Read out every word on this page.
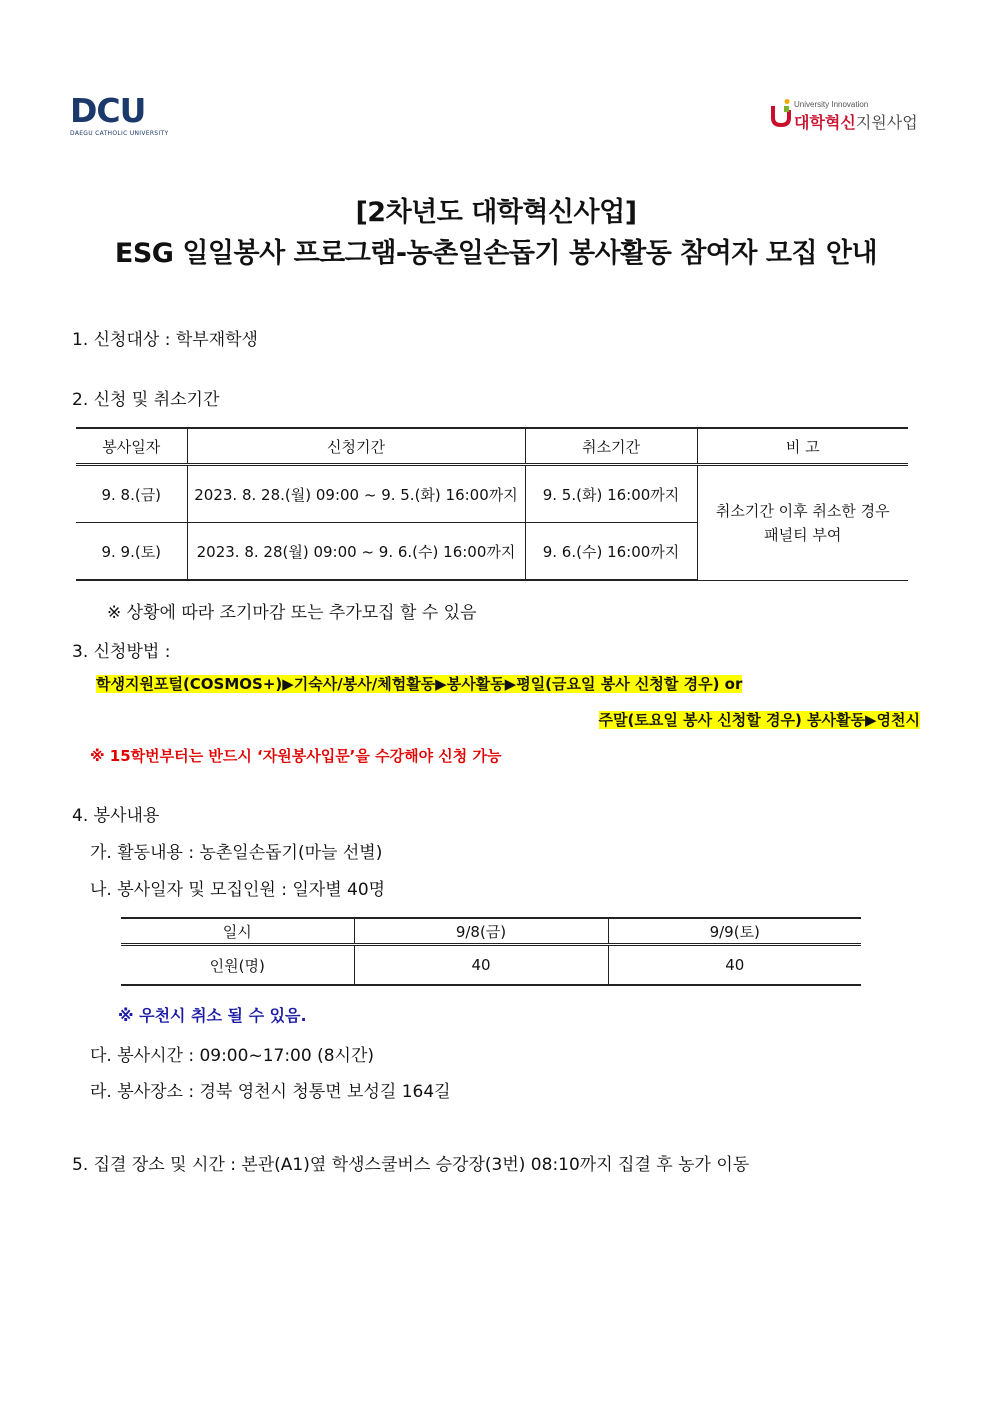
DCU
DAEGU CATHOLIC UNIVERSITY
University Innovation
대학혁신지원사업
[2차년도 대학혁신사업]
ESG 일일봉사 프로그램-농촌일손돕기 봉사활동 참여자 모집 안내
1. 신청대상 : 학부재학생
2. 신청 및 취소기간
봉사일자	신청기간	취소기간	비 고
9. 8.(금)	2023. 8. 28.(월) 09:00 ~ 9. 5.(화) 16:00까지	9. 5.(화) 16:00까지	취소기간 이후 취소한 경우
패널티 부여

9. 9.(토)	2023. 8. 28(월) 09:00 ~ 9. 6.(수) 16:00까지	9. 6.(수) 16:00까지	
※ 상황에 따라 조기마감 또는 추가모집 할 수 있음
3. 신청방법 :
학생지원포털(COSMOS+)▶기숙사/봉사/체험활동▶봉사활동▶평일(금요일 봉사 신청할 경우) or
주말(토요일 봉사 신청할 경우) 봉사활동▶영천시
※ 15학번부터는 반드시 ‘자원봉사입문’을 수강해야 신청 가능
4. 봉사내용
가. 활동내용 : 농촌일손돕기(마늘 선별)
나. 봉사일자 및 모집인원 : 일자별 40명
일시	9/8(금)	9/9(토)
인원(명)	40	40
※ 우천시 취소 될 수 있음.
다. 봉사시간 : 09:00~17:00 (8시간)
라. 봉사장소 : 경북 영천시 청통면 보성길 164길
5. 집결 장소 및 시간 : 본관(A1)옆 학생스쿨버스 승강장(3번) 08:10까지 집결 후 농가 이동
